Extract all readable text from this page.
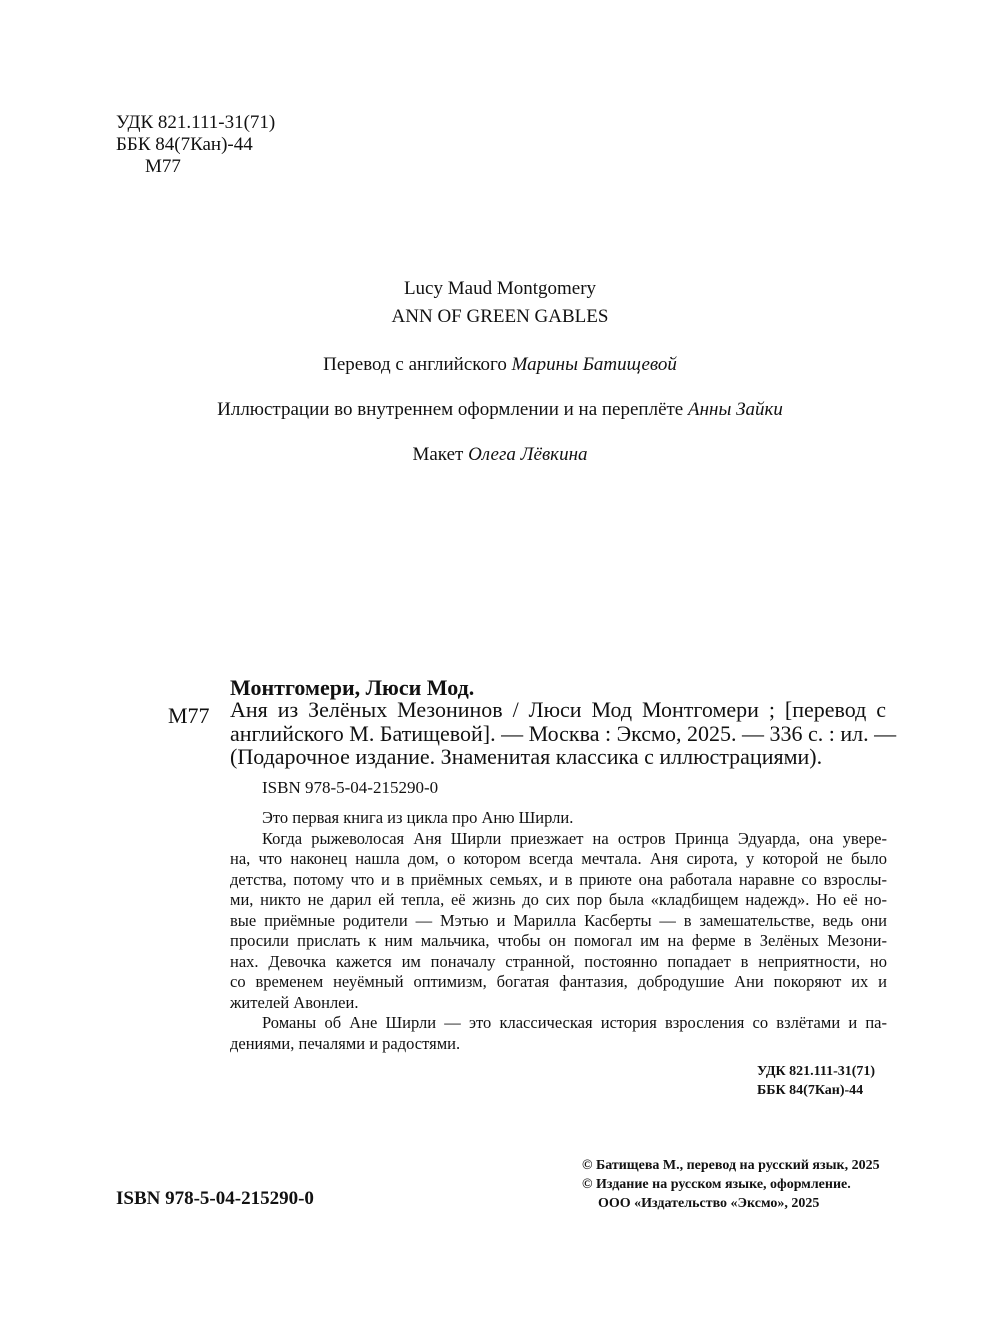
УДК 821.111-31(71)
ББК 84(7Кан)-44
М77
Lucy Maud Montgomery
ANN OF GREEN GABLES
Перевод с английского Марины Батищевой
Иллюстрации во внутреннем оформлении и на переплёте Анны Зайки
Макет Олега Лёвкина
Монтгомери, Люси Мод.
М77 Аня из Зелёных Мезонинов / Люси Мод Монтгомери ; [перевод с
английского М. Батищевой]. — Москва : Эксмо, 2025. — 336 с. : ил. —
(Подарочное издание. Знаменитая классика с иллюстрациями).
ISBN 978-5-04-215290-0
Это первая книга из цикла про Аню Ширли.
Когда рыжеволосая Аня Ширли приезжает на остров Принца Эдуарда, она уверe-
на, что наконец нашла дом, о котором всегда мечтала. Аня сирота, у которой не было
детства, потому что и в приёмных семьях, и в приюте она работала наравне со взрослы-
ми, никто не дарил ей тепла, её жизнь до сих пор была «кладбищем надежд». Но её но-
вые приёмные родители — Мэтью и Марилла Касберты — в замешательстве, ведь они
просили прислать к ним мальчика, чтобы он помогал им на ферме в Зелёных Мезони-
нах. Девочка кажется им поначалу странной, постоянно попадает в неприятности, но
со временем неуёмный оптимизм, богатая фантазия, добродушие Ани покоряют их и
жителей Авонлеи.
Романы об Ане Ширли — это классическая история взросления со взлётами и па-
дениями, печалями и радостями.
УДК 821.111-31(71)
ББК 84(7Кан)-44
© Батищева М., перевод на русский язык, 2025
© Издание на русском языке, оформление.
ООО «Издательство «Эксмо», 2025
ISBN 978-5-04-215290-0
